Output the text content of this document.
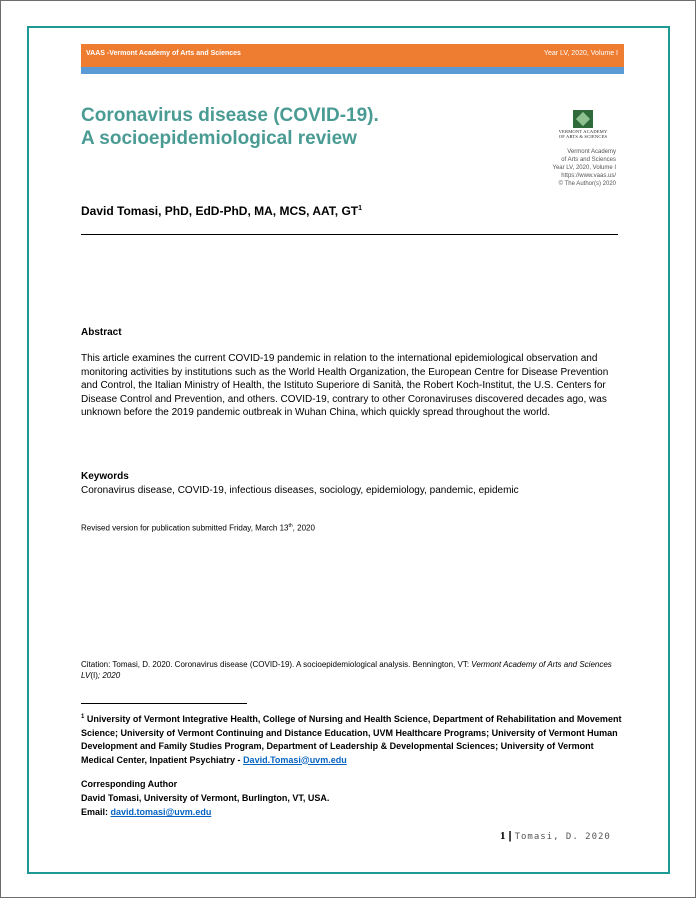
VAAS -Vermont Academy of Arts and Sciences	Year LV, 2020, Volume I
Coronavirus disease (COVID-19).
A socioepidemiological review	VERMONT ACADEMY
OF ARTS & SCIENCES
Vermont Academy
of Arts and Sciences
Year LV, 2020, Volume I
https://www.vaas.us/
© The Author(s) 2020
David Tomasi, PhD, EdD-PhD, MA, MCS, AAT, $GT^1$
Abstract
This article examines the current COVID-19 pandemic in relation to the international epidemiological observation and monitoring activities by institutions such as the World Health Organization, the European Centre for Disease Prevention and Control, the Italian Ministry of Health, the Istituto Superiore di Sanità, the Robert Koch-Institut, the U.S. Centers for Disease Control and Prevention, and others. COVID-19, contrary to other Coronaviruses discovered decades ago, was unknown before the 2019 pandemic outbreak in Wuhan China, which quickly spread throughout the world.
Keywords
Coronavirus disease, COVID-19, infectious diseases, sociology, epidemiology, pandemic, epidemic
Revised version for publication submitted Friday, March 13th, 2020
Citation: Tomasi, D. 2020. Coronavirus disease (COVID-19). A socioepidemiological analysis. Bennington, VT: Vermont Academy of Arts and Sciences LV(I); 2020
$^1$ University of Vermont Integrative Health, College of Nursing and Health Science, Department of Rehabilitation and Movement Science; University of Vermont Continuing and Distance Education, UVM Healthcare Programs; University of Vermont Human Development and Family Studies Program, Department of Leadership & Developmental Sciences; University of Vermont Medical Center, Inpatient Psychiatry - David.Tomasi@uvm.edu
Corresponding Author
David Tomasi, University of Vermont, Burlington, VT, USA.
Email: david.tomasi@uvm.edu
1 | Tomasi, D. 2020
